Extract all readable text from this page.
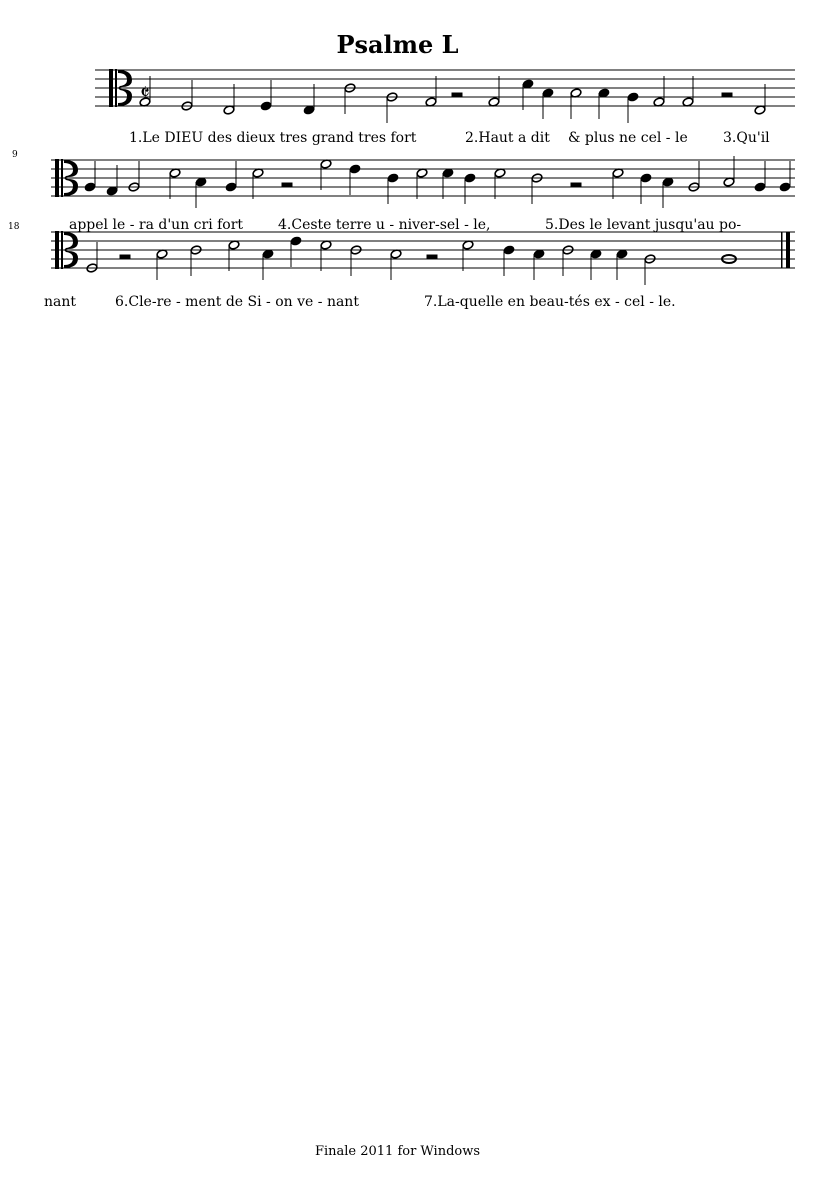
Psalme L
𝄵
9
18
1.Le DIEU des dieux tres grand tres fort	2.Haut a dit & plus ne cel - le	3.Qu'il
appel le - ra d'un cri fort 4.Ceste terre u - niver-sel - le,	5.Des le levant jusqu'au po-
nant	6.Cle-re - ment de Si - on ve - nant	7.La-quelle en beau-tés ex - cel - le.
Finale 2011 for Windows
